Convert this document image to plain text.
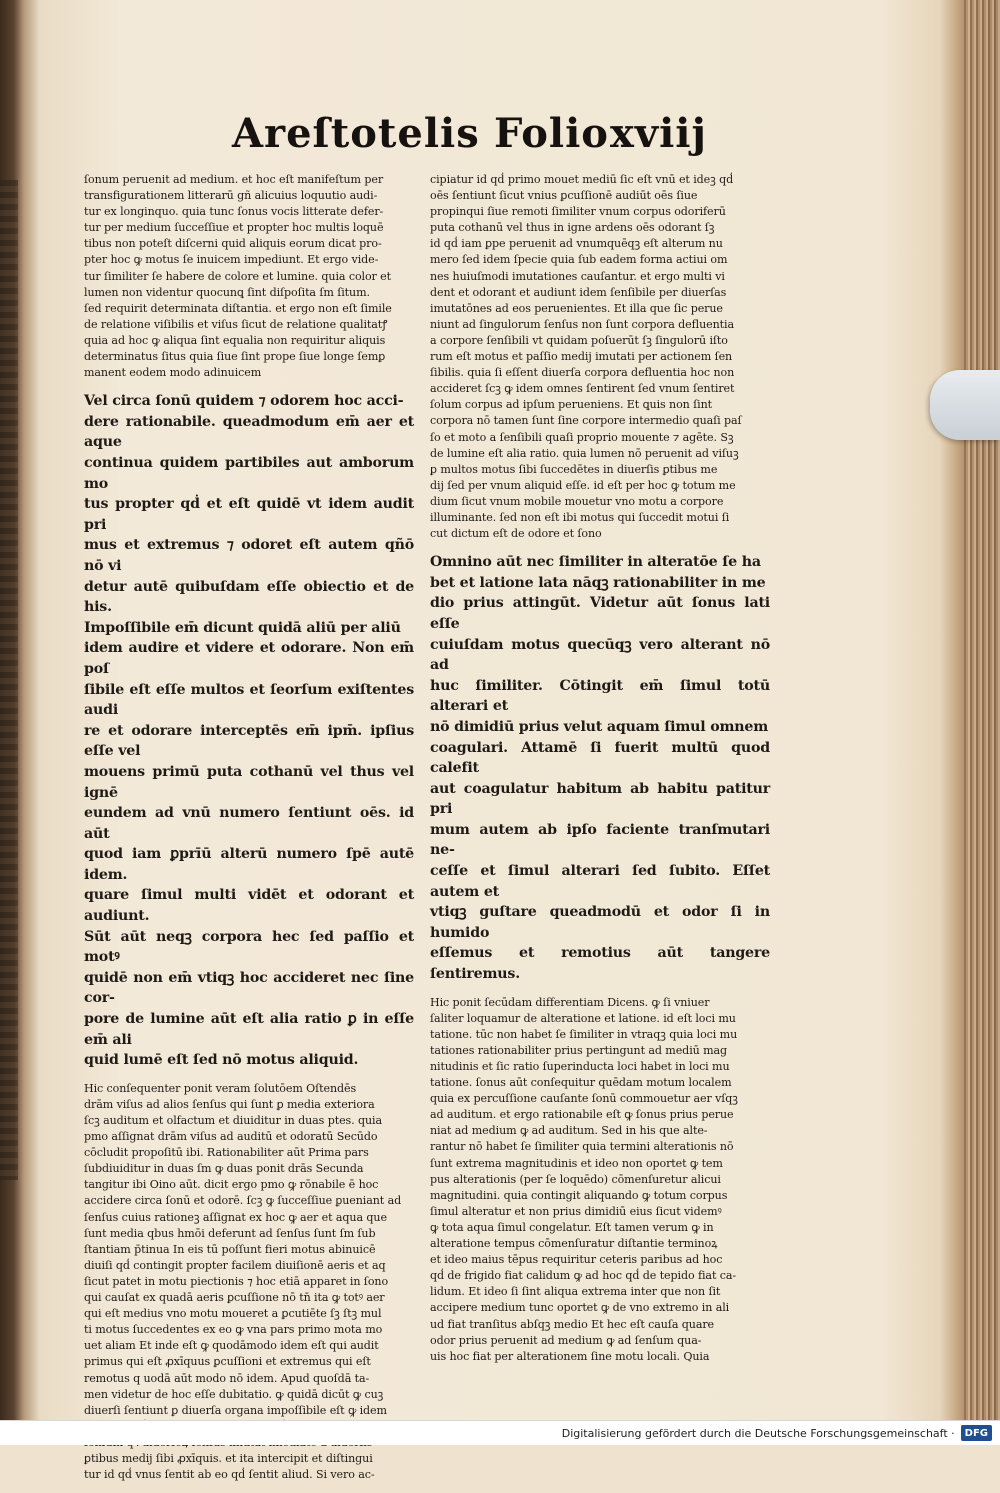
Areſtotelis Folio xviij
ſonum peruenit ad medium. et hoc eſt manifeſtum per
transfigurationem litterarū gñ alicuius loquutio audi-
tur ex longinquo. quia tunc ſonus vocis litterate defer-
tur per medium ſucceſſiue et propter hoc multis loquē
tibus non poteſt diſcerni quid aliquis eorum dicat pro-
pter hoc ꝙ motus ſe inuicem impediunt. Et ergo vide-
tur ſimiliter ſe habere de colore et lumine. quia color et
lumen non videntur quocunꝗ ſint diſpoſita ſm ſitum.
ſed requirit determinata diſtantia. et ergo non eſt ſimile
de relatione viſibilis et viſus ſicut de relatione qualitatꝭ
quia ad hoc ꝙ aliqua ſint equalia non requiritur aliquis
determinatus ſitus quia ſiue ſint prope ſiue longe ſemꝑ
manent eodem modo adinuicem
Vel circa ſonū quidem ⁊ odorem hoc acci-
dere rationabile. queadmodum em̄ aer et aque
continua quidem partibiles aut amborum mo
tus propter qḋ et eſt quidē vt idem audit pri
mus et extremus ⁊ odoret eſt autem qñō nō vi
detur autē quibuſdam eſſe obiectio et de his.
Impoſſibile em̄ dicunt quidā aliū per aliū
idem audire et videre et odorare. Non em̄ poſ
ſibile eſt eſſe multos et ſeorſum exiſtentes audi
re et odorare interceptēs em̄ ipm̄. ipſius eſſe vel
mouens primū puta cothanū vel thus vel ignē
eundem ad vnū numero ſentiunt oēs. id aūt
quod iam ꝑprīū alterū numero ſpē autē idem.
quare ſimul multi vidēt et odorant et audiunt.
Sūt aūt neqꝫ corpora hec ſed paſſio et motꝰ
quidē non em̄ vtiqꝫ hoc accideret nec ſine cor-
pore de lumine aūt eſt alia ratio ꝑ in eſſe em̄ ali
quid lumē eſt ſed nō motus aliquid.
Hic conſequenter ponit veram ſolutōem Oſtendēs
drām viſus ad alios ſenſus qui ſunt ꝑ media exteriora
ſcꝫ auditum et olfactum et diuiditur in duas ptes. quia
pmo aſſignat drām viſus ad auditū et odoratū Secūdo
cōcludit propoſitū ibi. Rationabiliter aūt Prima pars
ſubdiuiditur in duas ſm ꝙ duas ponit drās Secunda
tangitur ibi Oino aūt. dicit ergo pmo ꝙ rōnabile ē hoc
accidere circa ſonū et odorē. ſcꝫ ꝙ ſucceſſiue ꝑueniant ad
ſenſus cuius rationeꝫ aſſignat ex hoc ꝙ aer et aqua que
ſunt media qbus hmōi deferunt ad ſenſus ſunt ſm ſub
ſtantiam p̄tinua In eis tū poſſunt fieri motus abinuicē
diuiſi qḋ contingit propter facilem diuiſionē aeris et aq
ſicut patet in motu piectionis ⁊ hoc etiā apparet in ſono
qui cauſat ex quadā aeris ꝑcuſſione nō tn̄ ita ꝙ totꝰ aer
qui eſt medius vno motu moueret a ꝑcutiēte ſꝫ ſtꝫ mul
ti motus ſuccedentes ex eo ꝙ vna pars primo mota mo
uet aliam Et inde eſt ꝙ quodāmodo idem eſt qui audit
primus qui eſt ꝓxīquus ꝑcuſſioni et extremus qui eſt
remotus q uodā aūt modo nō idem. Apud quoſdā ta-
men videtur de hoc eſſe dubitatio. ꝙ quidā dicūt ꝙ cuꝫ
diuerſi ſentiunt ꝑ diuerſa organa impoſſibile eſt ꝙ idem

ꝑtibus medij ſibi ꝓxīquis. et ita intercipit et diſtingui
tur id qḋ vnus ſentit ab eo qḋ ſentit aliud. Si vero ac-
cipiatur id qḋ primo mouet mediū ſic eſt vnū et ideꝫ qḋ
oēs ſentiunt ſicut vnius ꝑcuſſionē audiūt oēs ſiue
propinqui ſiue remoti ſimiliter vnum corpus odoriferū
puta cothanū vel thus in igne ardens oēs odorant ſꝫ
id qḋ iam ꝑpe peruenit ad vnumquēqꝫ eſt alterum nu
mero ſed idem ſpecie quia ſub eadem forma actiui om
nes huiuſmodi imutationes cauſantur. et ergo multi vi
dent et odorant et audiunt idem ſenſibile per diuerſas
imutatōnes ad eos peruenientes. Et illa que ſic perue
niunt ad ſingulorum ſenſus non ſunt corpora defluentia
a corpore ſenſibili vt quidam poſuerūt ſꝫ ſingulorū iſto
rum eſt motus et paſſio medij imutati per actionem ſen
ſibilis. quia ſi eſſent diuerſa corpora defluentia hoc non
accideret ſcꝫ ꝙ idem omnes ſentirent ſed vnum ſentiret
ſolum corpus ad ipſum perueniens. Et ꝗuis non ſint
corpora nō tamen ſunt ſine corpore intermedio quaſi paſ
ſo et moto a ſenſibili quaſi proprio mouente ⁊ agēte. Sꝫ
de lumine eſt alia ratio. quia lumen nō peruenit ad viſuꝫ
ꝑ multos motus ſibi ſuccedētes in diuerſis ꝑtibus me
dij ſed per vnum aliquid eſſe. id eſt per hoc ꝙ totum me
dium ſicut vnum mobile mouetur vno motu a corpore
illuminante. ſed non eſt ibi motus qui ſuccedit motui ſi
cut dictum eſt de odore et ſono
Omnino aūt nec ſimiliter in alteratōe ſe ha
bet et latione lata nāqꝫ rationabiliter in me
dio prius attingūt. Videtur aūt ſonus lati eſſe
cuiuſdam motus quecūqꝫ vero alterant nō ad
huc ſimiliter. Cōtingit em̄ ſimul totū alterari et
nō dimidiū prius velut aquam ſimul omnem
coagulari. Attamē ſi fuerit multū quod calefit
aut coagulatur habitum ab habitu patitur pri
mum autem ab ipſo faciente tranſmutari ne-
ceſſe et ſimul alterari ſed ſubito. Eſſet autem et
vtiqꝫ guſtare queadmodū et odor ſi in humido
eſſemus et remotius aūt tangere ſentiremus.
Hic ponit ſecūdam differentiam Dicens. ꝙ ſi vniuer
ſaliter loquamur de alteratione et latione. id eſt loci mu
tatione. tūc non habet ſe ſimiliter in vtraqꝫ quia loci mu
tationes rationabiliter prius pertingunt ad mediū mag
nitudinis et ſic ratio ſuperinducta loci habet in loci mu
tatione. ſonus aūt conſequitur quēdam motum localem
quia ex percuſſione cauſante ſonū commouetur aer vſqꝫ
ad auditum. et ergo rationabile eſt ꝙ ſonus prius perue
niat ad medium ꝙ ad auditum. Sed in his que alte-
rantur nō habet ſe ſimiliter quia termini alterationis nō
ſunt extrema magnitudinis et ideo non oportet ꝙ tem
pus alterationis (per ſe loquēdo) cōmenſuretur alicui
magnitudini. quia contingit aliquando ꝙ totum corpus
ſimul alteratur et non prius dimidiū eius ſicut videmꝰ
ꝙ tota aqua ſimul congelatur. Eſt tamen verum ꝙ in
alteratione tempus cōmenſuratur diſtantie terminoꝝ
et ideo maius tēpus requiritur ceteris paribus ad hoc
qḋ de frigido fiat calidum ꝙ ad hoc qḋ de tepido fiat ca-
lidum. Et ideo ſi ſint aliqua extrema inter que non ſit
accipere medium tunc oportet ꝙ de vno extremo in ali
ud fiat tranſitus abſqꝫ medio Et hec eſt cauſa quare
odor prius peruenit ad medium ꝙ ad ſenſum qua-
uis hoc fiat per alterationem ſine motu locali. Quia
Digitalisierung gefördert durch die Deutsche Forschungsgemeinschaft ·	DFG
